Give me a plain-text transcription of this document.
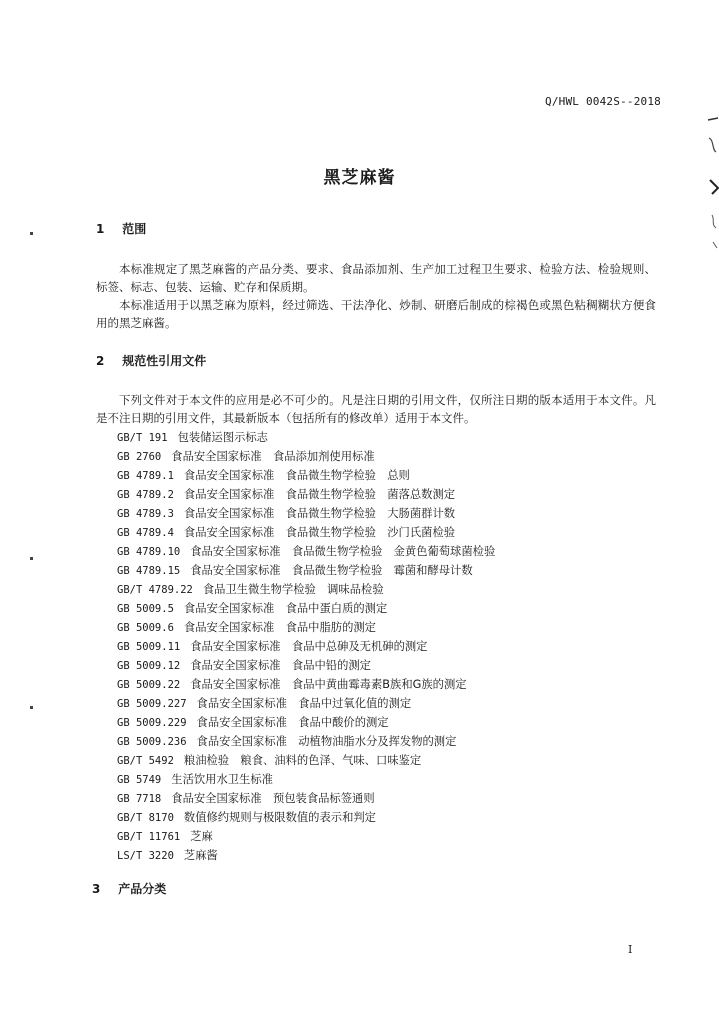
Q/HWL 0042S--2018
黑芝麻酱
1 范围

本标准规定了黑芝麻酱的产品分类、要求、食品添加剂、生产加工过程卫生要求、检验方法、检验规则、标签、标志、包装、运输、贮存和保质期。

本标准适用于以黑芝麻为原料，经过筛选、干法净化、炒制、研磨后制成的棕褐色或黑色粘稠糊状方便食用的黑芝麻酱。

2 规范性引用文件

下列文件对于本文件的应用是必不可少的。凡是注日期的引用文件，仅所注日期的版本适用于本文件。凡是不注日期的引用文件，其最新版本（包括所有的修改单）适用于本文件。

GB/T 191 包装储运图示标志
GB 2760 食品安全国家标准　食品添加剂使用标准
GB 4789.1 食品安全国家标准　食品微生物学检验　总则
GB 4789.2 食品安全国家标准　食品微生物学检验　菌落总数测定
GB 4789.3 食品安全国家标准　食品微生物学检验　大肠菌群计数
GB 4789.4 食品安全国家标准　食品微生物学检验　沙门氏菌检验
GB 4789.10 食品安全国家标准　食品微生物学检验　金黄色葡萄球菌检验
GB 4789.15 食品安全国家标准　食品微生物学检验　霉菌和酵母计数
GB/T 4789.22 食品卫生微生物学检验　调味品检验
GB 5009.5 食品安全国家标准　食品中蛋白质的测定
GB 5009.6 食品安全国家标准　食品中脂肪的测定
GB 5009.11 食品安全国家标准　食品中总砷及无机砷的测定
GB 5009.12 食品安全国家标准　食品中铅的测定
GB 5009.22 食品安全国家标准　食品中黄曲霉毒素B族和G族的测定
GB 5009.227 食品安全国家标准　食品中过氧化值的测定
GB 5009.229 食品安全国家标准　食品中酸价的测定
GB 5009.236 食品安全国家标准　动植物油脂水分及挥发物的测定
GB/T 5492 粮油检验　粮食、油料的色泽、气味、口味鉴定
GB 5749 生活饮用水卫生标准
GB 7718 食品安全国家标准　预包装食品标签通则
GB/T 8170 数值修约规则与极限数值的表示和判定
GB/T 11761 芝麻
LS/T 3220 芝麻酱
3 产品分类
I
